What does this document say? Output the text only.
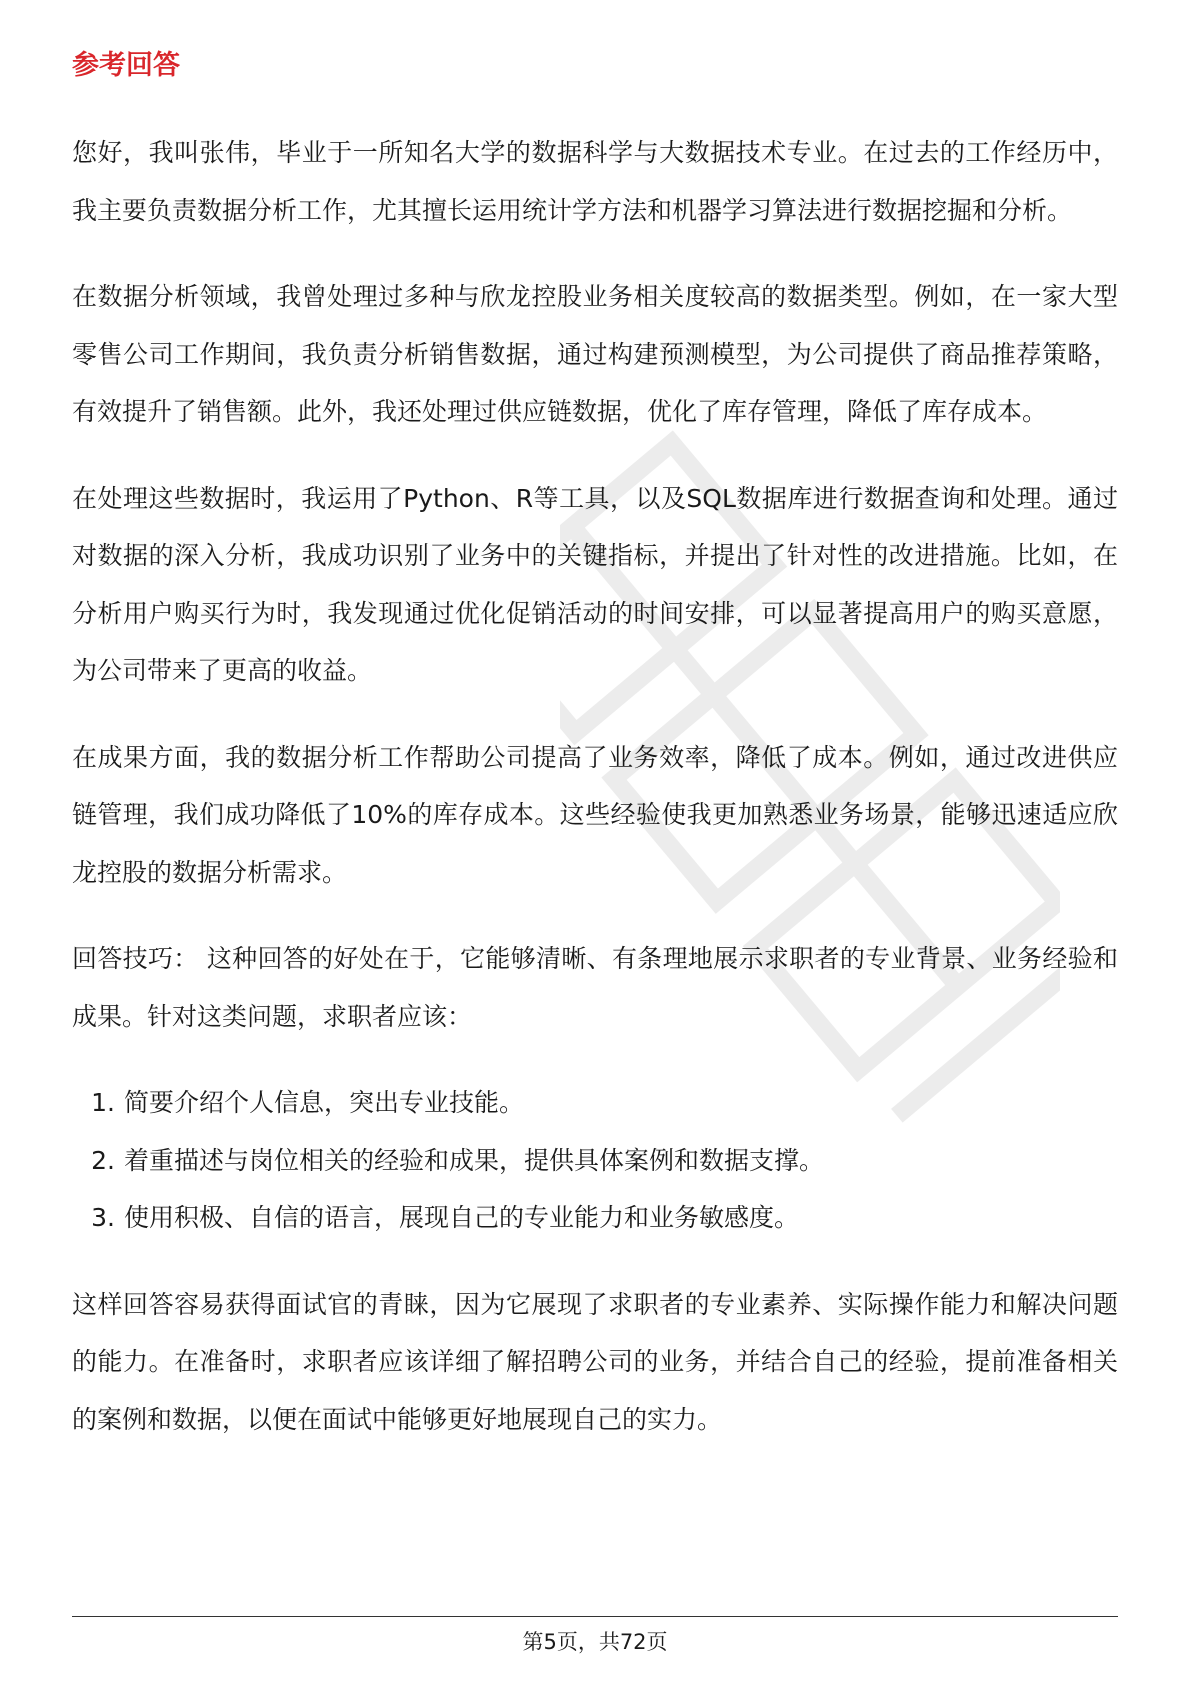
参考回答

您好，我叫张伟，毕业于一所知名大学的数据科学与大数据技术专业。在过去的工作经历中，我主要负责数据分析工作，尤其擅长运用统计学方法和机器学习算法进行数据挖掘和分析。

在数据分析领域，我曾处理过多种与欣龙控股业务相关度较高的数据类型。例如，在一家大型零售公司工作期间，我负责分析销售数据，通过构建预测模型，为公司提供了商品推荐策略，有效提升了销售额。此外，我还处理过供应链数据，优化了库存管理，降低了库存成本。

在处理这些数据时，我运用了Python、R等工具，以及SQL数据库进行数据查询和处理。通过对数据的深入分析，我成功识别了业务中的关键指标，并提出了针对性的改进措施。比如，在分析用户购买行为时，我发现通过优化促销活动的时间安排，可以显著提高用户的购买意愿，为公司带来了更高的收益。

在成果方面，我的数据分析工作帮助公司提高了业务效率，降低了成本。例如，通过改进供应链管理，我们成功降低了10%的库存成本。这些经验使我更加熟悉业务场景，能够迅速适应欣龙控股的数据分析需求。

回答技巧： 这种回答的好处在于，它能够清晰、有条理地展示求职者的专业背景、业务经验和成果。针对这类问题，求职者应该：

1. 简要介绍个人信息，突出专业技能。
2. 着重描述与岗位相关的经验和成果，提供具体案例和数据支撑。
3. 使用积极、自信的语言，展现自己的专业能力和业务敏感度。

这样回答容易获得面试官的青睐，因为它展现了求职者的专业素养、实际操作能力和解决问题的能力。在准备时，求职者应该详细了解招聘公司的业务，并结合自己的经验，提前准备相关的案例和数据，以便在面试中能够更好地展现自己的实力。

第5页，共72页
